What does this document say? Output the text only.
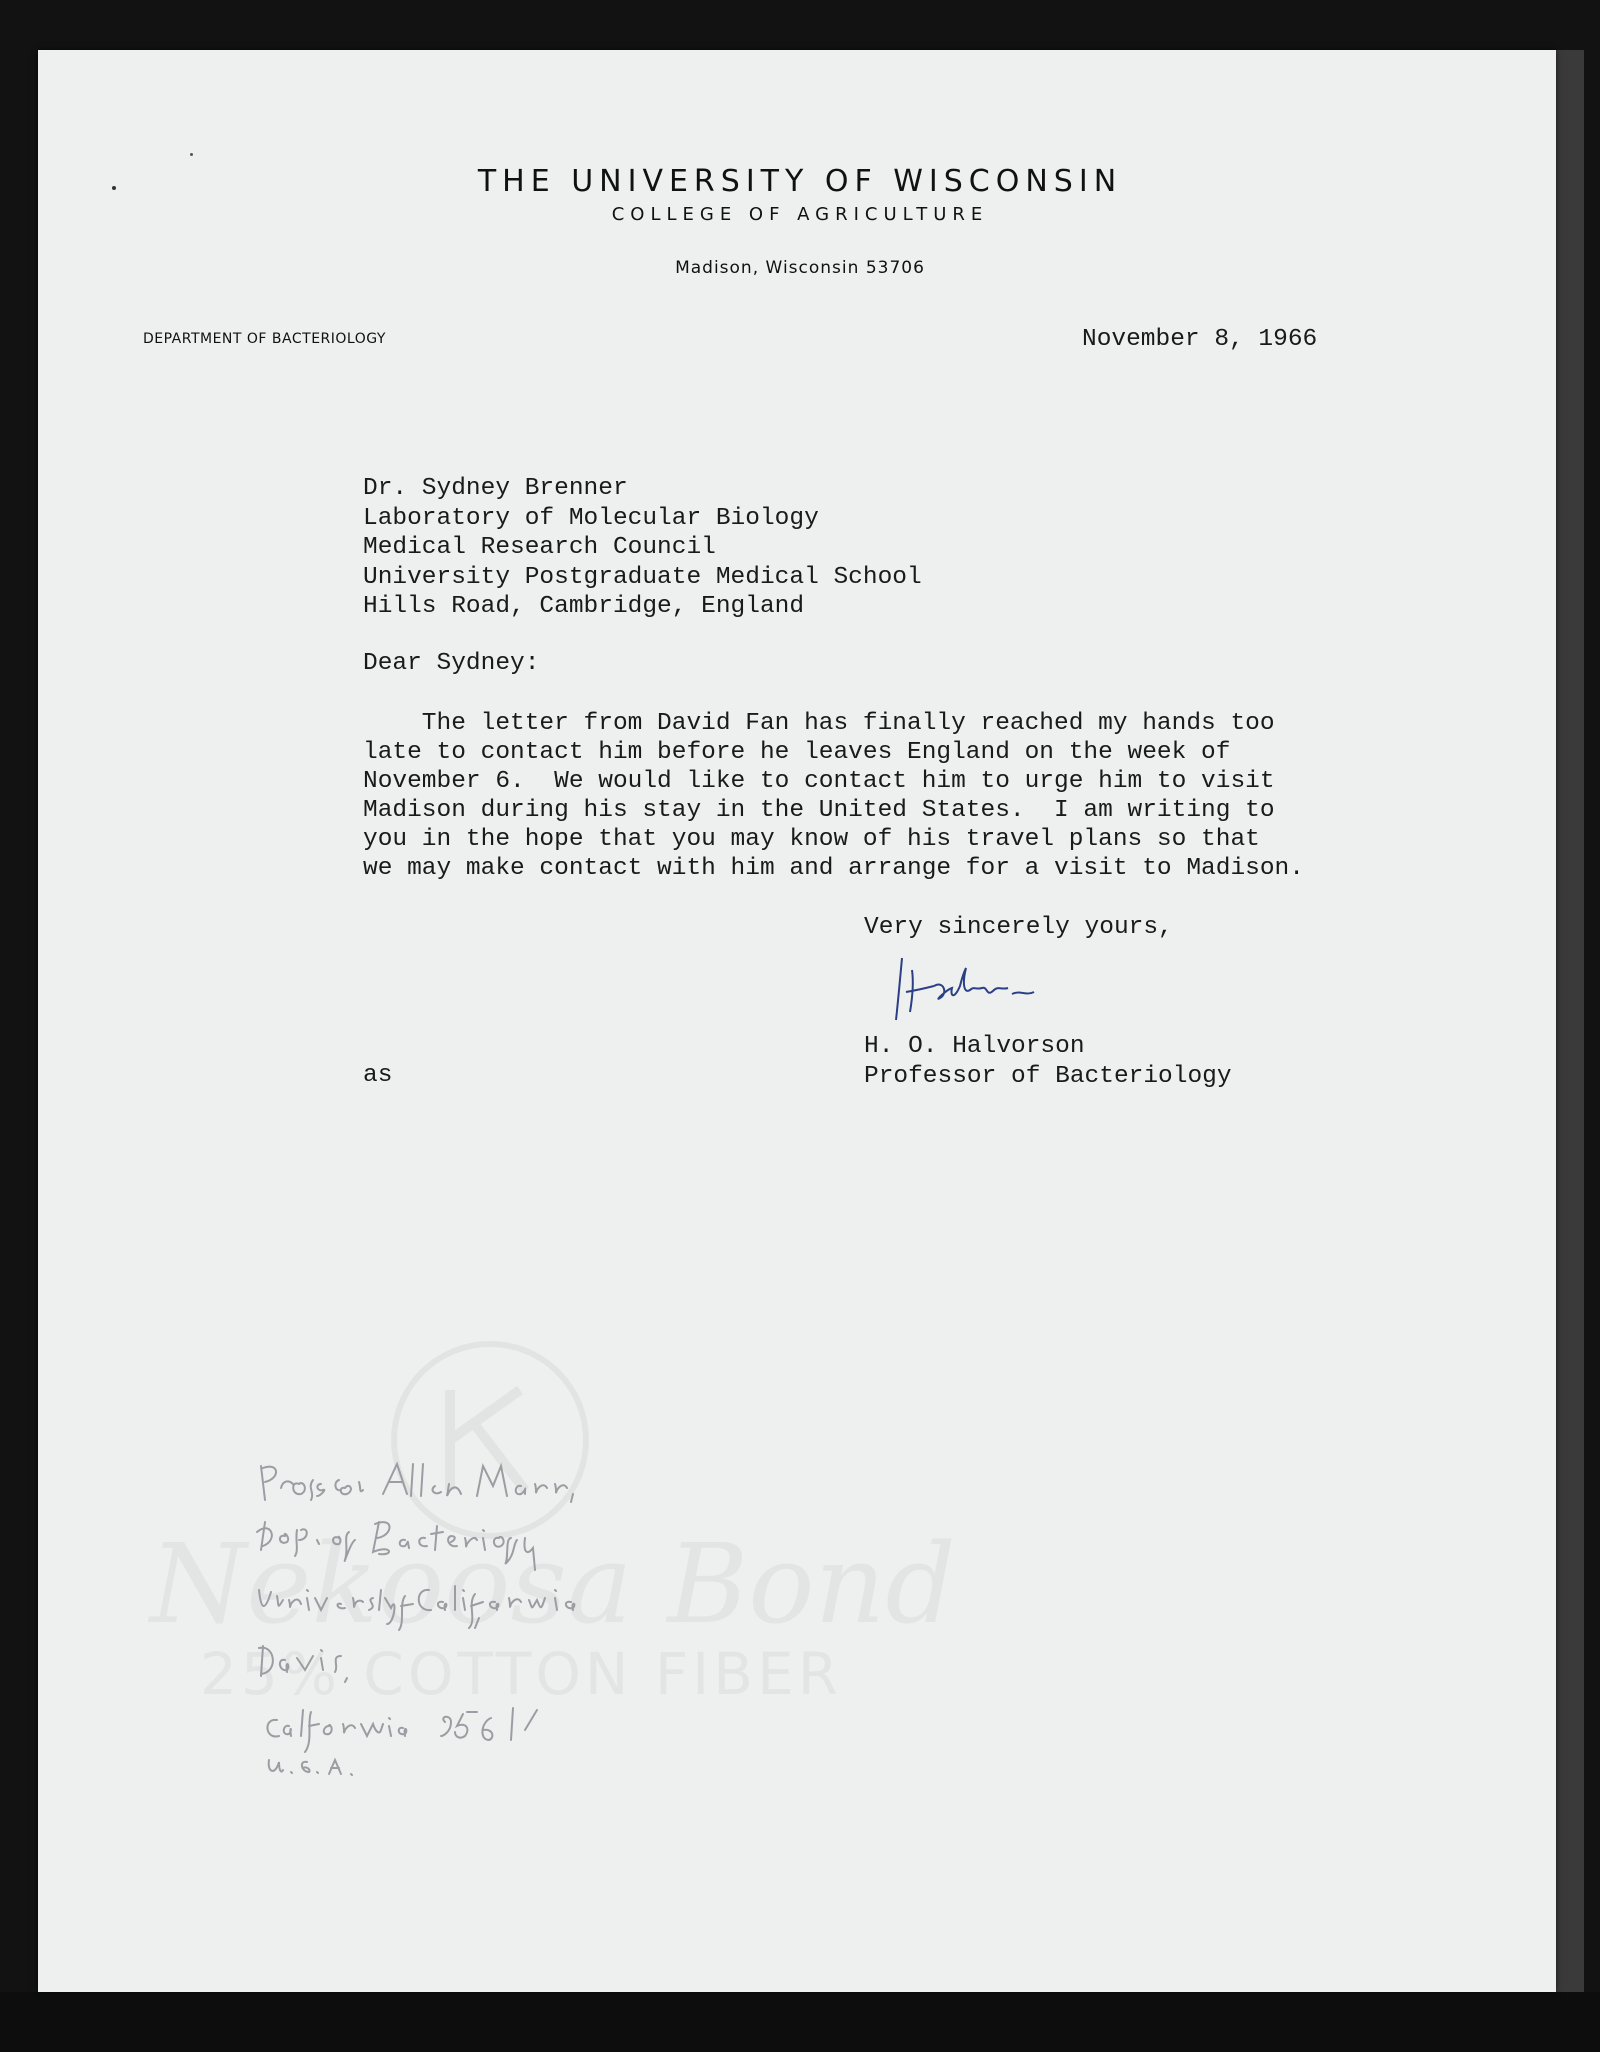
Nekoosa Bond
25% COTTON FIBER
THE UNIVERSITY OF WISCONSIN
COLLEGE OF AGRICULTURE
Madison, Wisconsin 53706
DEPARTMENT OF BACTERIOLOGY	November 8, 1966
Dr. Sydney Brenner
Laboratory of Molecular Biology
Medical Research Council
University Postgraduate Medical School
Hills Road, Cambridge, England
Dear Sydney:
The letter from David Fan has finally reached my hands too
late to contact him before he leaves England on the week of
November 6.  We would like to contact him to urge him to visit
Madison during his stay in the United States.  I am writing to
you in the hope that you may know of his travel plans so that
we may make contact with him and arrange for a visit to Madison.
Very sincerely yours,
H. O. Halvorson
Professor of Bacteriology
as
